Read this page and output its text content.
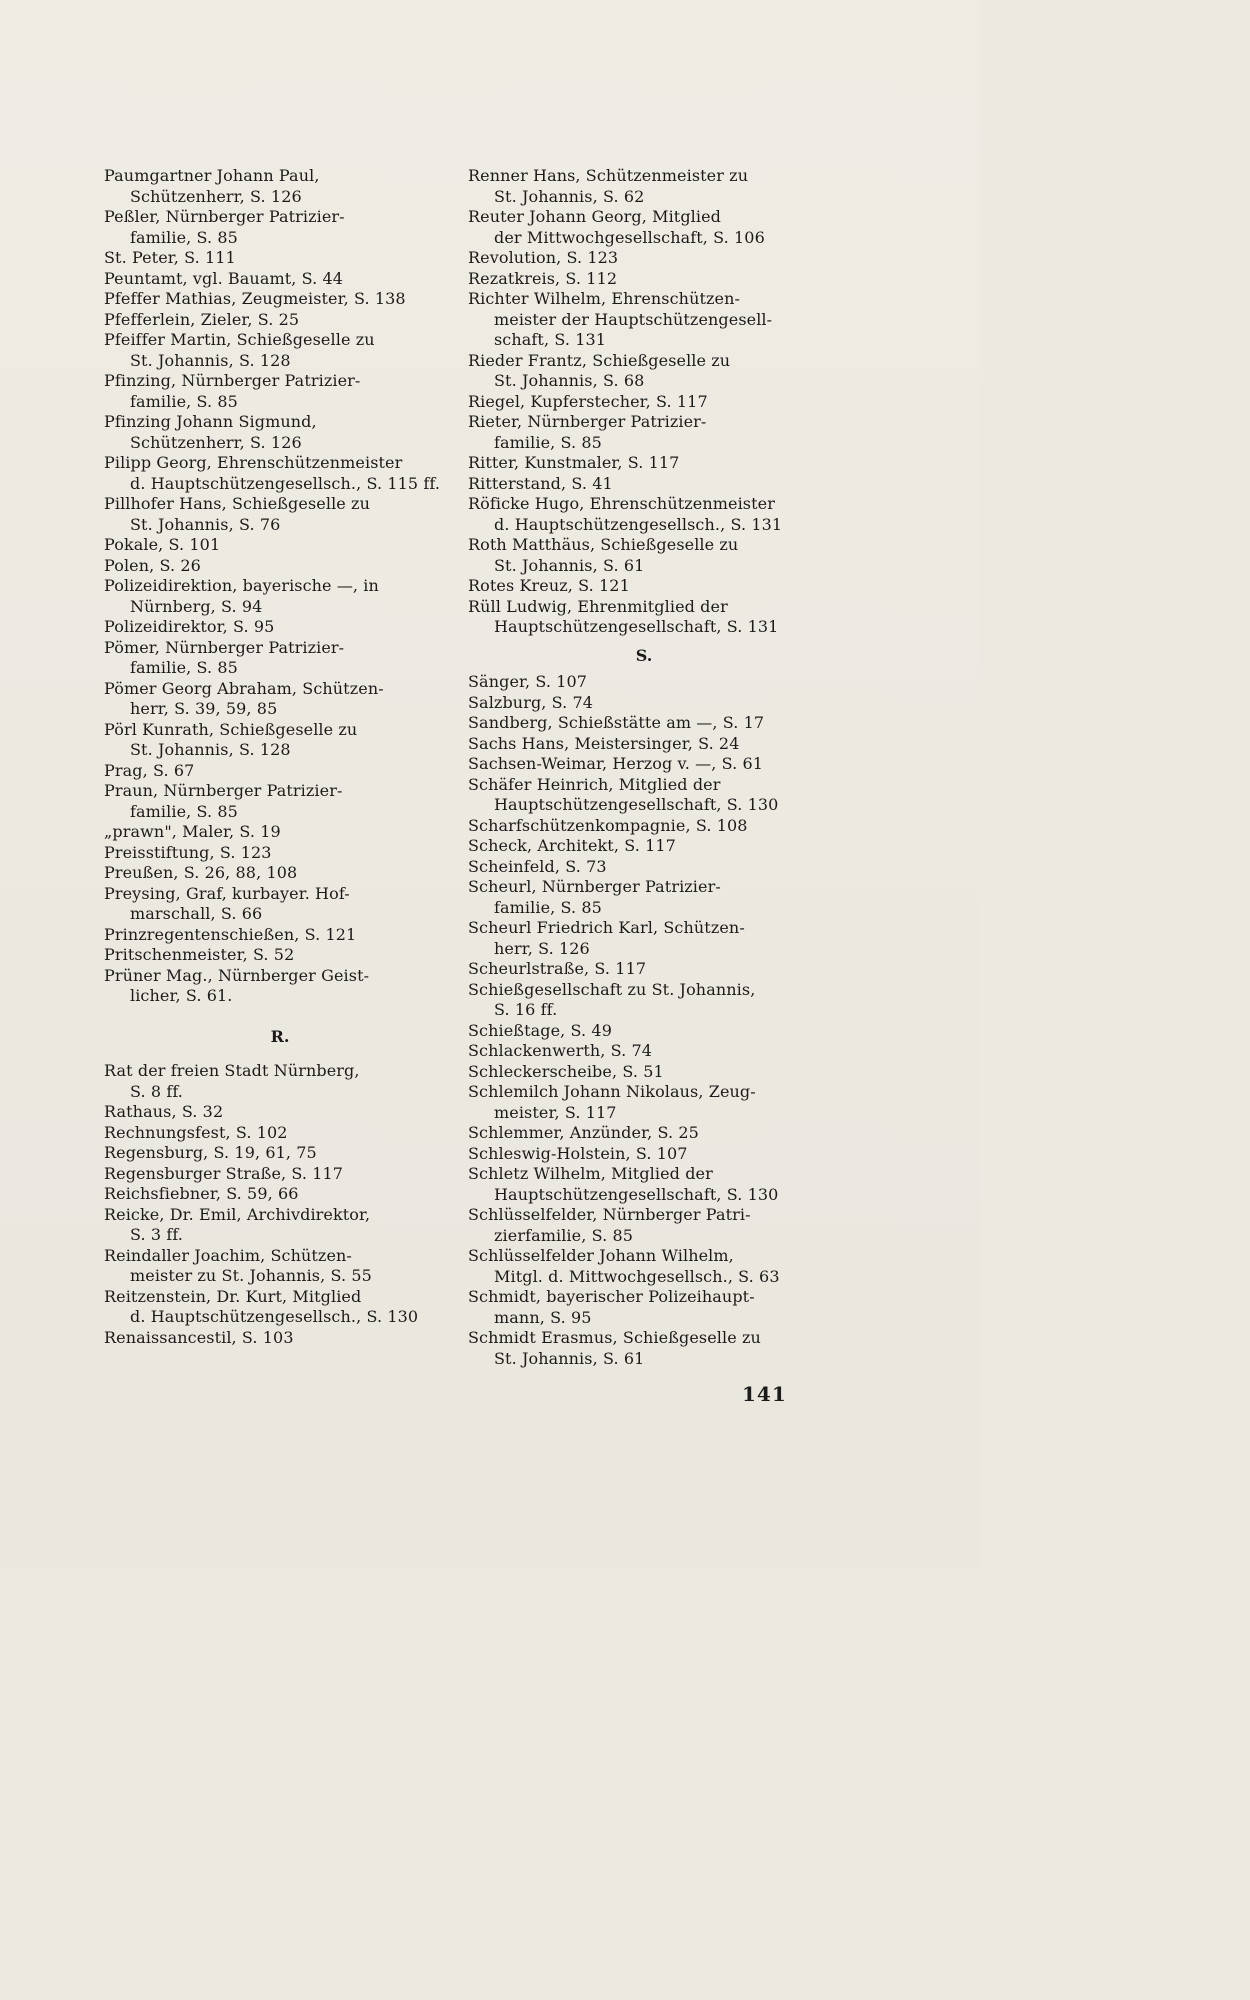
Paumgartner Johann Paul,
Schützenherr, S. 126

Peßler, Nürnberger Patrizier-
familie, S. 85

St. Peter, S. 111

Peuntamt, vgl. Bauamt, S. 44

Pfeffer Mathias, Zeugmeister, S. 138

Pfefferlein, Zieler, S. 25

Pfeiffer Martin, Schießgeselle zu
St. Johannis, S. 128

Pfinzing, Nürnberger Patrizier-
familie, S. 85

Pfinzing Johann Sigmund,
Schützenherr, S. 126

Pilipp Georg, Ehrenschützenmeister
d. Hauptschützengesellsch., S. 115 ff.

Pillhofer Hans, Schießgeselle zu
St. Johannis, S. 76

Pokale, S. 101

Polen, S. 26

Polizeidirektion, bayerische —, in
Nürnberg, S. 94

Polizeidirektor, S. 95

Pömer, Nürnberger Patrizier-
familie, S. 85

Pömer Georg Abraham, Schützen-
herr, S. 39, 59, 85

Pörl Kunrath, Schießgeselle zu
St. Johannis, S. 128

Prag, S. 67

Praun, Nürnberger Patrizier-
familie, S. 85

„prawn", Maler, S. 19

Preisstiftung, S. 123

Preußen, S. 26, 88, 108

Preysing, Graf, kurbayer. Hof-
marschall, S. 66

Prinzregentenschießen, S. 121

Pritschenmeister, S. 52

Prüner Mag., Nürnberger Geist-
licher, S. 61.

R.

Rat der freien Stadt Nürnberg,
S. 8 ff.

Rathaus, S. 32

Rechnungsfest, S. 102

Regensburg, S. 19, 61, 75

Regensburger Straße, S. 117

Reichsfiebner, S. 59, 66

Reicke, Dr. Emil, Archivdirektor,
S. 3 ff.

Reindaller Joachim, Schützen-
meister zu St. Johannis, S. 55

Reitzenstein, Dr. Kurt, Mitglied
d. Hauptschützengesellsch., S. 130

Renaissancestil, S. 103

Renner Hans, Schützenmeister zu
St. Johannis, S. 62

Reuter Johann Georg, Mitglied
der Mittwochgesellschaft, S. 106

Revolution, S. 123

Rezatkreis, S. 112

Richter Wilhelm, Ehrenschützen-
meister der Hauptschützengesell-
schaft, S. 131

Rieder Frantz, Schießgeselle zu
St. Johannis, S. 68

Riegel, Kupferstecher, S. 117

Rieter, Nürnberger Patrizier-
familie, S. 85

Ritter, Kunstmaler, S. 117

Ritterstand, S. 41

Röficke Hugo, Ehrenschützenmeister
d. Hauptschützengesellsch., S. 131

Roth Matthäus, Schießgeselle zu
St. Johannis, S. 61

Rotes Kreuz, S. 121

Rüll Ludwig, Ehrenmitglied der
Hauptschützengesellschaft, S. 131

S.

Sänger, S. 107

Salzburg, S. 74

Sandberg, Schießstätte am —, S. 17

Sachs Hans, Meistersinger, S. 24

Sachsen-Weimar, Herzog v. —, S. 61

Schäfer Heinrich, Mitglied der
Hauptschützengesellschaft, S. 130

Scharfschützenkompagnie, S. 108

Scheck, Architekt, S. 117

Scheinfeld, S. 73

Scheurl, Nürnberger Patrizier-
familie, S. 85

Scheurl Friedrich Karl, Schützen-
herr, S. 126

Scheurlstraße, S. 117

Schießgesellschaft zu St. Johannis,
S. 16 ff.

Schießtage, S. 49

Schlackenwerth, S. 74

Schleckerscheibe, S. 51

Schlemilch Johann Nikolaus, Zeug-
meister, S. 117

Schlemmer, Anzünder, S. 25

Schleswig-Holstein, S. 107

Schletz Wilhelm, Mitglied der
Hauptschützengesellschaft, S. 130

Schlüsselfelder, Nürnberger Patri-
zierfamilie, S. 85

Schlüsselfelder Johann Wilhelm,
Mitgl. d. Mittwochgesellsch., S. 63

Schmidt, bayerischer Polizeihaupt-
mann, S. 95

Schmidt Erasmus, Schießgeselle zu
St. Johannis, S. 61

141
